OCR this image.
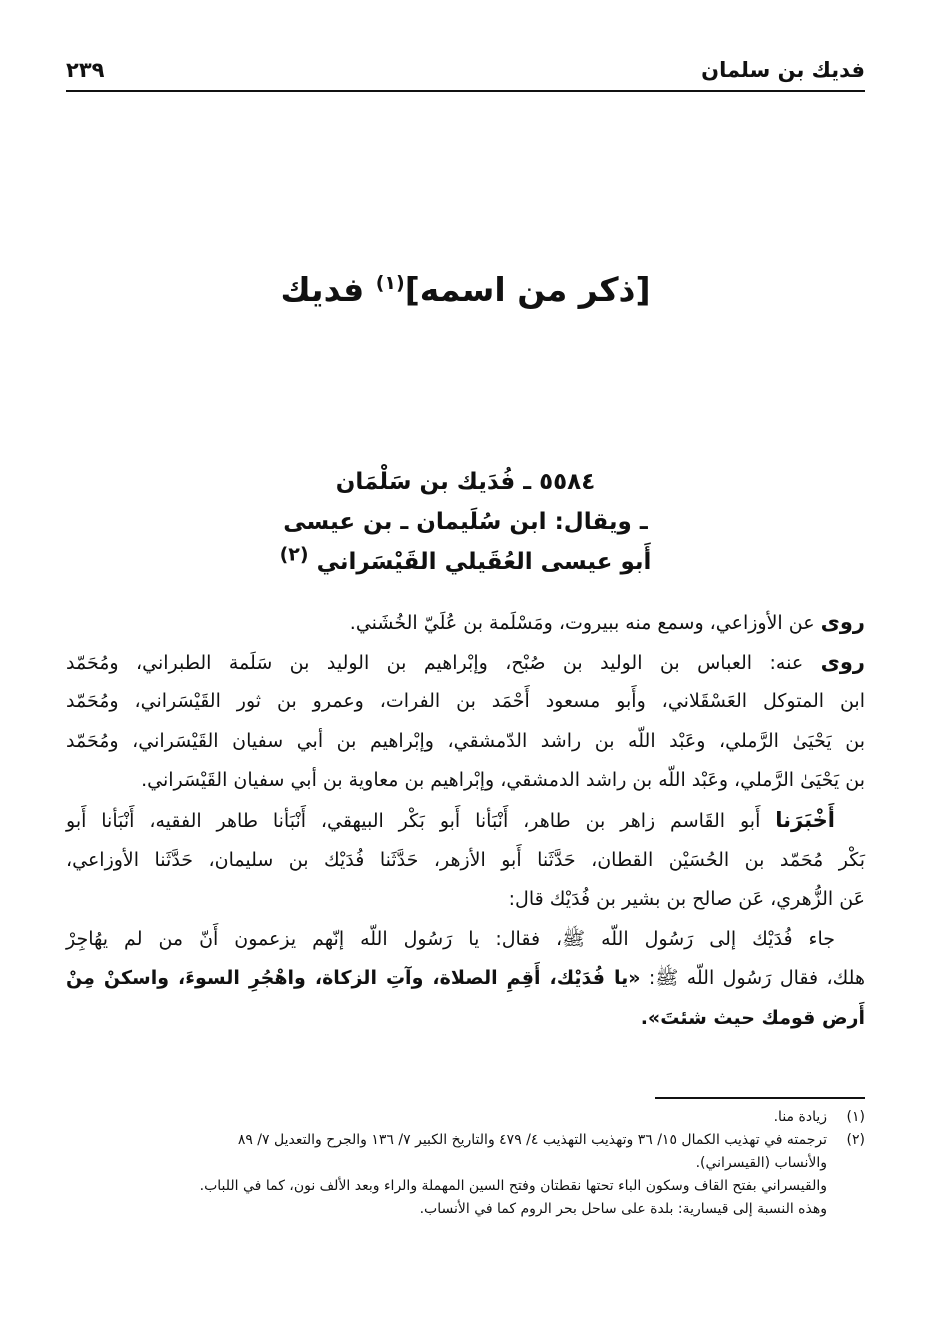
فديك بن سلمان
٢٣٩
[ذكر من اسمه]$^{(١)}$ فديك
٥٥٨٤ ـ فُدَيك بن سَلْمَان
ـ ويقال: ابن سُلَيمان ـ بن عيسى
أَبو عيسى العُقَيلي القَيْسَراني $^{(٢)}$
روى عن الأوزاعي، وسمع منه ببيروت، ومَسْلَمة بن عُلَيّ الخُشَني.
روى عنه: العباس بن الوليد بن صُبْح، وإبْراهيم بن الوليد بن سَلَمة الطبراني، ومُحَمّد
ابن المتوكل العَسْقَلاني، وأَبو مسعود أَحْمَد بن الفرات، وعمرو بن ثور القَيْسَراني، ومُحَمّد
بن يَحْيَىٰ الرَّملي، وعَبْد اللّه بن راشد الدّمشقي، وإبْراهيم بن أبي سفيان القَيْسَراني، ومُحَمّد
بن يَحْيَىٰ الرَّملي، وعَبْد اللّه بن راشد الدمشقي، وإبْراهيم بن معاوية بن أبي سفيان القَيْسَراني.
أَخْبَرَنا أَبو القَاسم زاهر بن طاهر، أَنْبَأنا أَبو بَكْر البيهقي، أَنْبَأنا طاهر الفقيه، أَنْبَأنا أَبو
بَكْر مُحَمّد بن الحُسَيْن القطان، حَدَّثَنا أَبو الأزهر، حَدَّثَنا فُدَيْك بن سليمان، حَدَّثَنا الأوزاعي،
عَن الزُّهري، عَن صالح بن بشير بن فُدَيْك قال:
جاء فُدَيْك إلى رَسُول اللّه ﷺ، فقال: يا رَسُول اللّه إنّهم يزعمون أَنّ من لم يهُاجِرْ
هلك، فقال رَسُول اللّه ﷺ: «يا فُدَيْك، أَقِمِ الصلاة، وآتِ الزكاة، واهْجُرِ السوءَ، واسكنْ مِنْ
أَرض قومك حيث شئتَ».
(١)زيادة منا.
(٢)ترجمته في تهذيب الكمال ١٥/ ٣٦ وتهذيب التهذيب ٤/ ٤٧٩ والتاريخ الكبير ٧/ ١٣٦ والجرح والتعديل ٧/ ٨٩
والأنساب (القيسراني).
والقيسراني بفتح القاف وسكون الباء تحتها نقطتان وفتح السين المهملة والراء وبعد الألف نون، كما في اللباب.
وهذه النسبة إلى قيسارية: بلدة على ساحل بحر الروم كما في الأنساب.
